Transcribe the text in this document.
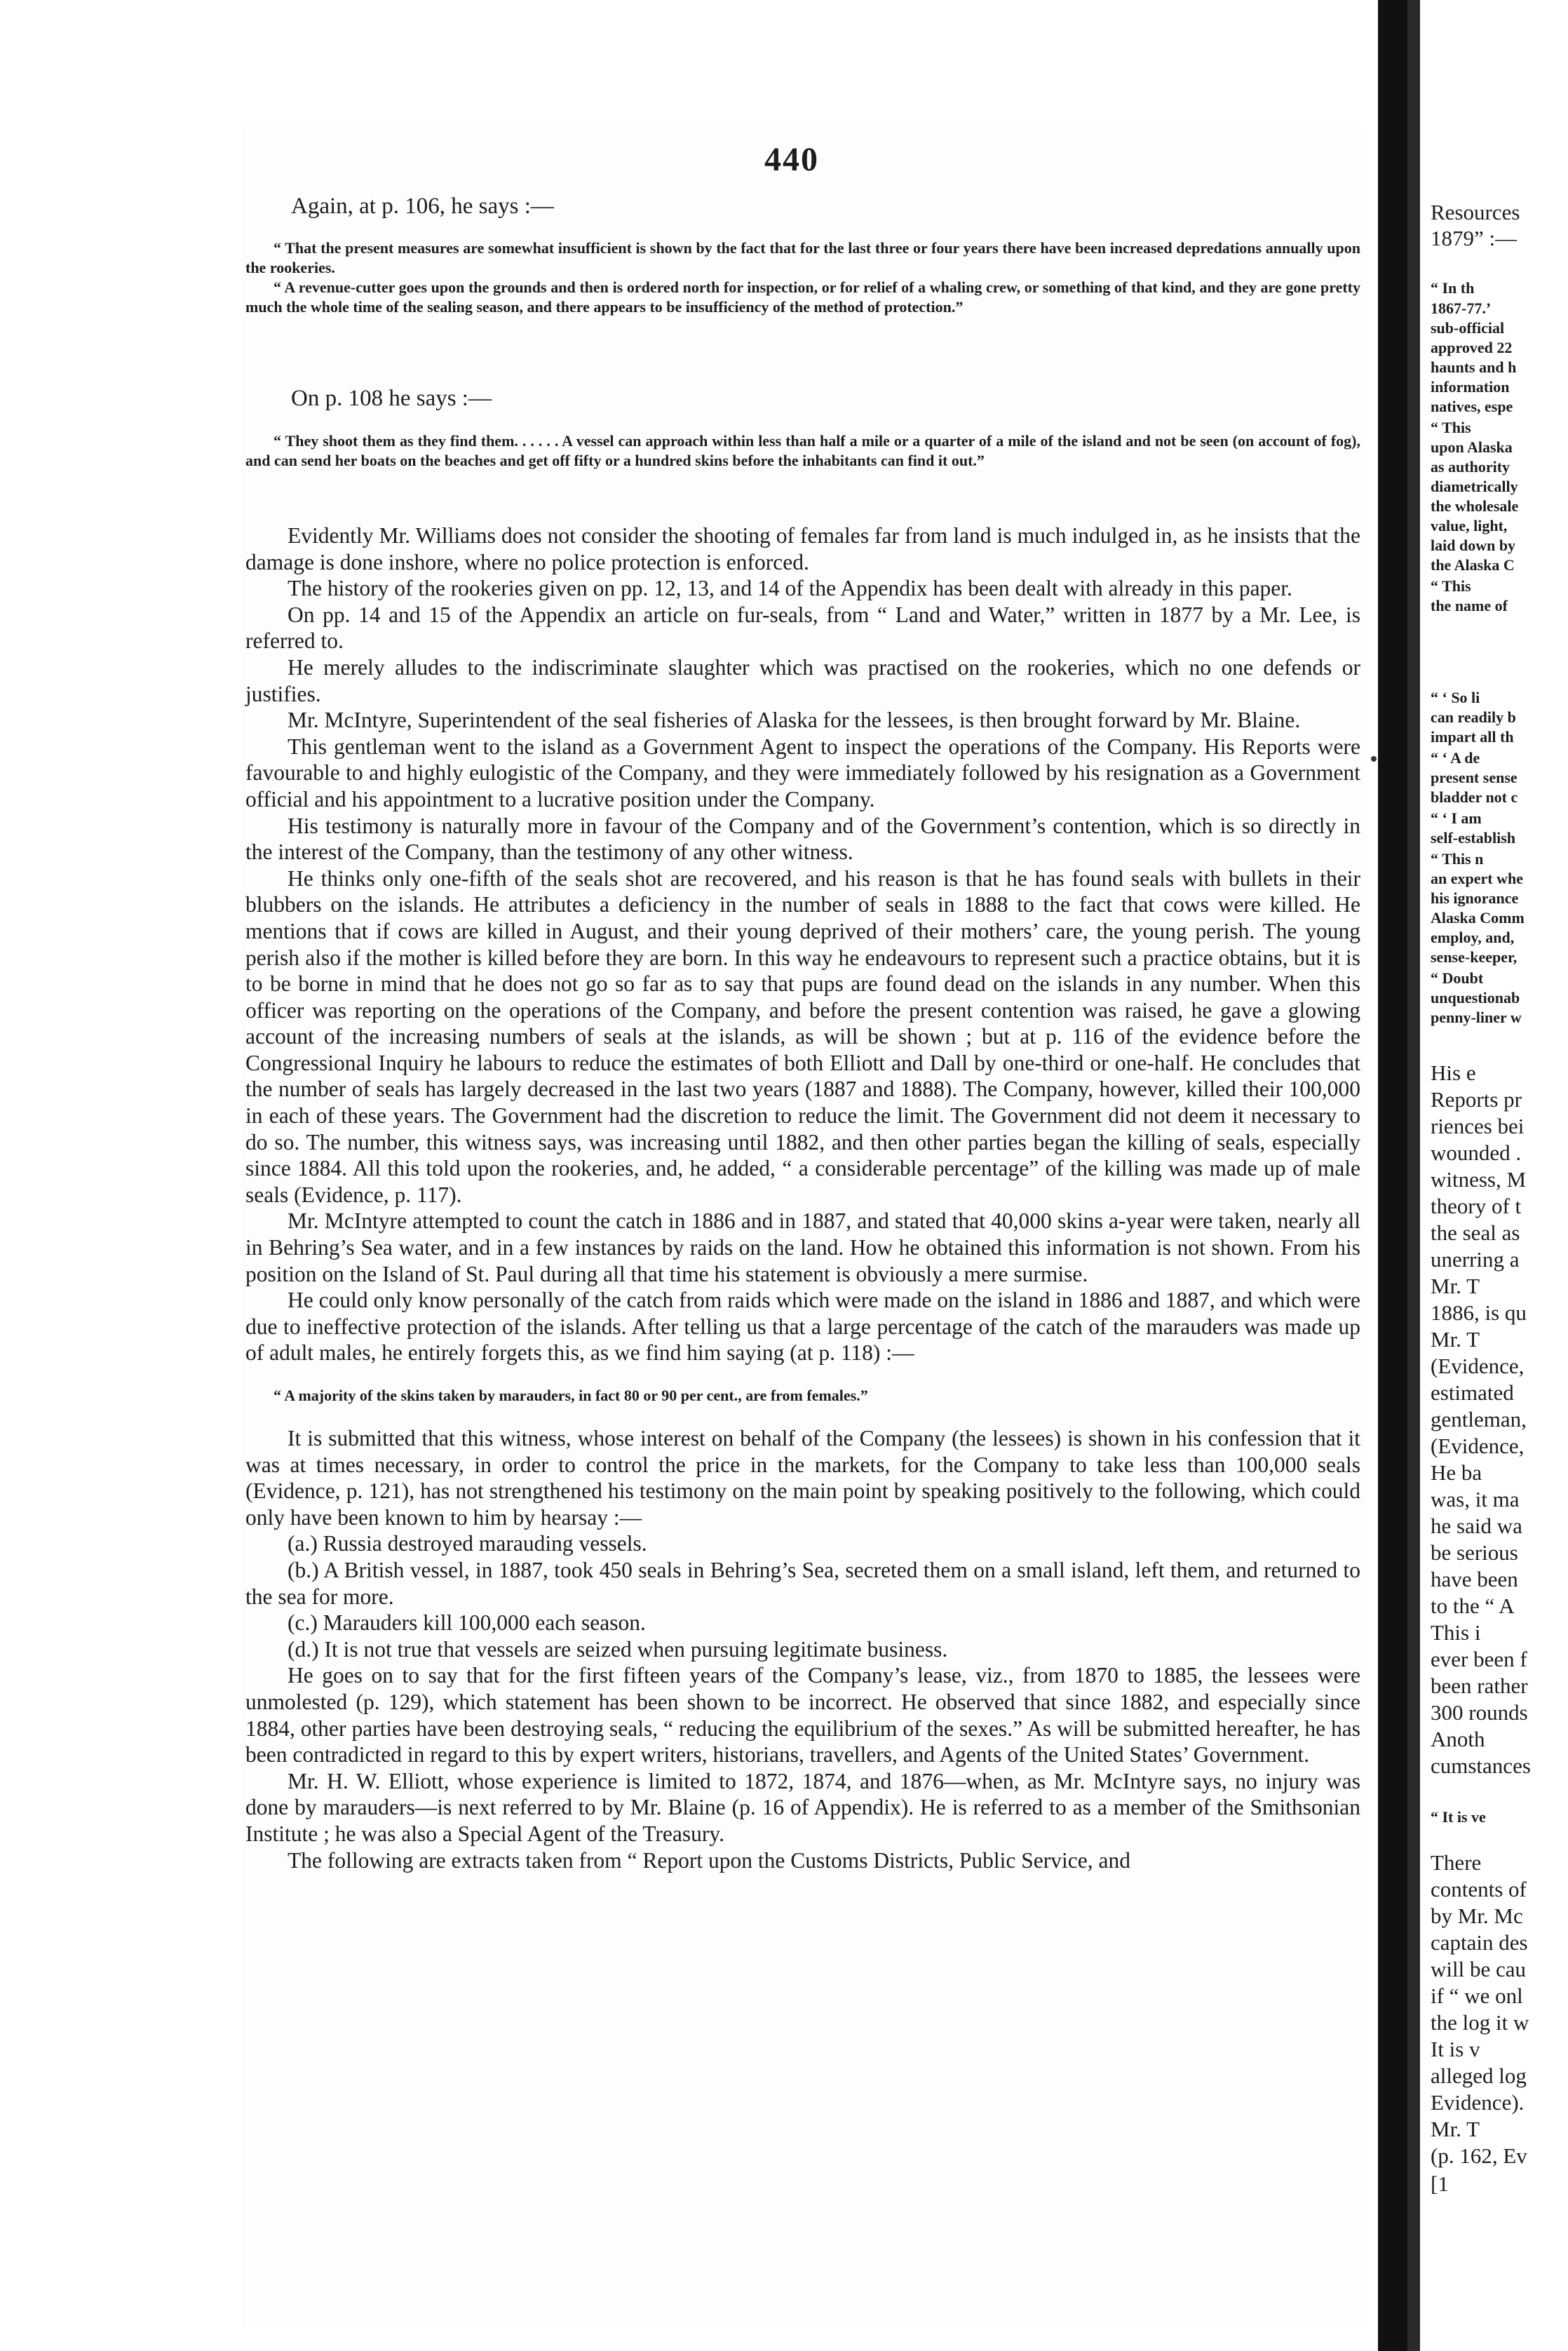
440
Again, at p. 106, he says :—

“ That the present measures are somewhat insufficient is shown by the fact that for the last three or four years there have been increased depredations annually upon the rookeries.

“ A revenue-cutter goes upon the grounds and then is ordered north for inspection, or for relief of a whaling crew, or something of that kind, and they are gone pretty much the whole time of the sealing season, and there appears to be insufficiency of the method of protection.”

On p. 108 he says :—

“ They shoot them as they find them. . . . . . A vessel can approach within less than half a mile or a quarter of a mile of the island and not be seen (on account of fog), and can send her boats on the beaches and get off fifty or a hundred skins before the inhabitants can find it out.”

Evidently Mr. Williams does not consider the shooting of females far from land is much indulged in, as he insists that the damage is done inshore, where no police protection is enforced.

The history of the rookeries given on pp. 12, 13, and 14 of the Appendix has been dealt with already in this paper.

On pp. 14 and 15 of the Appendix an article on fur-seals, from “ Land and Water,” written in 1877 by a Mr. Lee, is referred to.

He merely alludes to the indiscriminate slaughter which was practised on the rookeries, which no one defends or justifies.

Mr. McIntyre, Superintendent of the seal fisheries of Alaska for the lessees, is then brought forward by Mr. Blaine.

This gentleman went to the island as a Government Agent to inspect the operations of the Company. His Reports were favourable to and highly eulogistic of the Company, and they were immediately followed by his resignation as a Government official and his appointment to a lucrative position under the Company.

His testimony is naturally more in favour of the Company and of the Government’s contention, which is so directly in the interest of the Company, than the testimony of any other witness.

He thinks only one-fifth of the seals shot are recovered, and his reason is that he has found seals with bullets in their blubbers on the islands. He attributes a deficiency in the number of seals in 1888 to the fact that cows were killed. He mentions that if cows are killed in August, and their young deprived of their mothers’ care, the young perish. The young perish also if the mother is killed before they are born. In this way he endeavours to represent such a practice obtains, but it is to be borne in mind that he does not go so far as to say that pups are found dead on the islands in any number. When this officer was reporting on the operations of the Company, and before the present contention was raised, he gave a glowing account of the increasing numbers of seals at the islands, as will be shown ; but at p. 116 of the evidence before the Congressional Inquiry he labours to reduce the estimates of both Elliott and Dall by one-third or one-half. He concludes that the number of seals has largely decreased in the last two years (1887 and 1888). The Company, however, killed their 100,000 in each of these years. The Government had the discretion to reduce the limit. The Government did not deem it necessary to do so. The number, this witness says, was increasing until 1882, and then other parties began the killing of seals, especially since 1884. All this told upon the rookeries, and, he added, “ a considerable percentage” of the killing was made up of male seals (Evidence, p. 117).

Mr. McIntyre attempted to count the catch in 1886 and in 1887, and stated that 40,000 skins a-year were taken, nearly all in Behring’s Sea water, and in a few instances by raids on the land. How he obtained this information is not shown. From his position on the Island of St. Paul during all that time his statement is obviously a mere surmise.

He could only know personally of the catch from raids which were made on the island in 1886 and 1887, and which were due to ineffective protection of the islands. After telling us that a large percentage of the catch of the marauders was made up of adult males, he entirely forgets this, as we find him saying (at p. 118) :—

“ A majority of the skins taken by marauders, in fact 80 or 90 per cent., are from females.”

It is submitted that this witness, whose interest on behalf of the Company (the lessees) is shown in his confession that it was at times necessary, in order to control the price in the markets, for the Company to take less than 100,000 seals (Evidence, p. 121), has not strengthened his testimony on the main point by speaking positively to the following, which could only have been known to him by hearsay :—

(a.) Russia destroyed marauding vessels.

(b.) A British vessel, in 1887, took 450 seals in Behring’s Sea, secreted them on a small island, left them, and returned to the sea for more.

(c.) Marauders kill 100,000 each season.

(d.) It is not true that vessels are seized when pursuing legitimate business.

He goes on to say that for the first fifteen years of the Company’s lease, viz., from 1870 to 1885, the lessees were unmolested (p. 129), which statement has been shown to be incorrect. He observed that since 1882, and especially since 1884, other parties have been destroying seals, “ reducing the equilibrium of the sexes.” As will be submitted hereafter, he has been contradicted in regard to this by expert writers, historians, travellers, and Agents of the United States’ Government.

Mr. H. W. Elliott, whose experience is limited to 1872, 1874, and 1876—when, as Mr. McIntyre says, no injury was done by marauders—is next referred to by Mr. Blaine (p. 16 of Appendix). He is referred to as a member of the Smithsonian Institute ; he was also a Special Agent of the Treasury.

The following are extracts taken from “ Report upon the Customs Districts, Public Service, and

Resources
1879” :—
“ In th
1867-77.’
sub-official
approved 22
haunts and h
information
natives, espe
“ This
upon Alaska
as authority
diametrically
the wholesale
value, light,
laid down by
the Alaska C
“ This
the name of
“ ‘ So li
can readily b
impart all th
“ ‘ A de
present sense
bladder not c
“ ‘ I am
self-establish
“ This n
an expert whe
his ignorance
Alaska Comm
employ, and,
sense-keeper,
“ Doubt
unquestionab
penny-liner w
His e
Reports pr
riences bei
wounded .
witness, M
theory of t
the seal as
unerring a
Mr. T
1886, is qu
Mr. T
(Evidence,
estimated
gentleman,
(Evidence,
He ba
was, it ma
he said wa
be serious
have been
to the “ A
This i
ever been f
been rather
300 rounds
Anoth
cumstances
“ It is ve
There
contents of
by Mr. Mc
captain des
will be cau
if “ we onl
the log it w
It is v
alleged log
Evidence).
Mr. T
(p. 162, Ev
[1
